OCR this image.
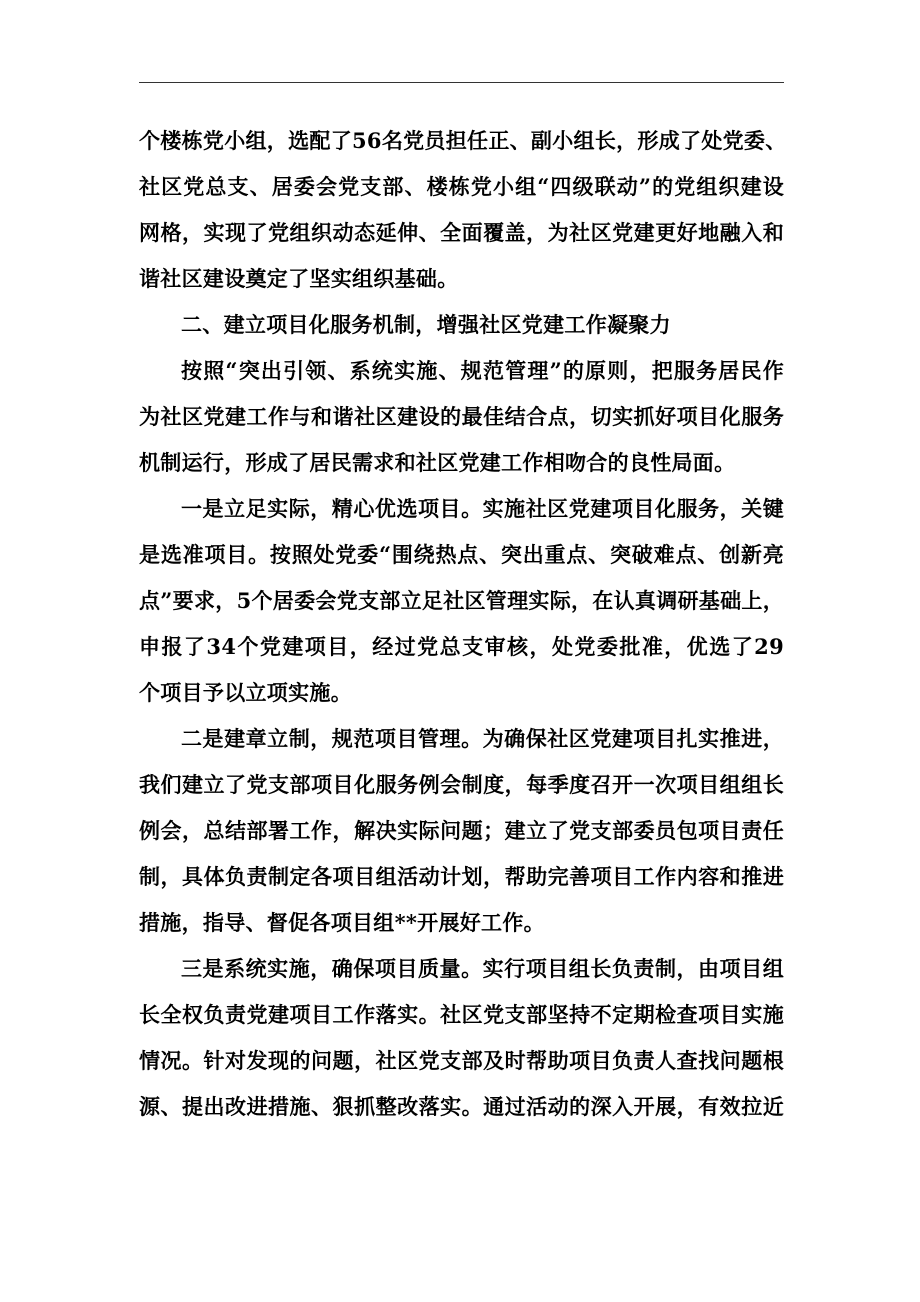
个楼栋党小组，选配了56名党员担任正、副小组长，形成了处党委、
社区党总支、居委会党支部、楼栋党小组“四级联动”的党组织建设
网格，实现了党组织动态延伸、全面覆盖，为社区党建更好地融入和
谐社区建设奠定了坚实组织基础。

二、建立项目化服务机制，增强社区党建工作凝聚力

按照“突出引领、系统实施、规范管理”的原则，把服务居民作
为社区党建工作与和谐社区建设的最佳结合点，切实抓好项目化服务
机制运行，形成了居民需求和社区党建工作相吻合的良性局面。

一是立足实际，精心优选项目。实施社区党建项目化服务，关键
是选准项目。按照处党委“围绕热点、突出重点、突破难点、创新亮
点”要求，5个居委会党支部立足社区管理实际，在认真调研基础上，
申报了34个党建项目，经过党总支审核，处党委批准，优选了29
个项目予以立项实施。

二是建章立制，规范项目管理。为确保社区党建项目扎实推进，
我们建立了党支部项目化服务例会制度，每季度召开一次项目组组长
例会，总结部署工作，解决实际问题；建立了党支部委员包项目责任
制，具体负责制定各项目组活动计划，帮助完善项目工作内容和推进
措施，指导、督促各项目组**开展好工作。

三是系统实施，确保项目质量。实行项目组长负责制，由项目组
长全权负责党建项目工作落实。社区党支部坚持不定期检查项目实施
情况。针对发现的问题，社区党支部及时帮助项目负责人查找问题根
源、提出改进措施、狠抓整改落实。通过活动的深入开展，有效拉近
